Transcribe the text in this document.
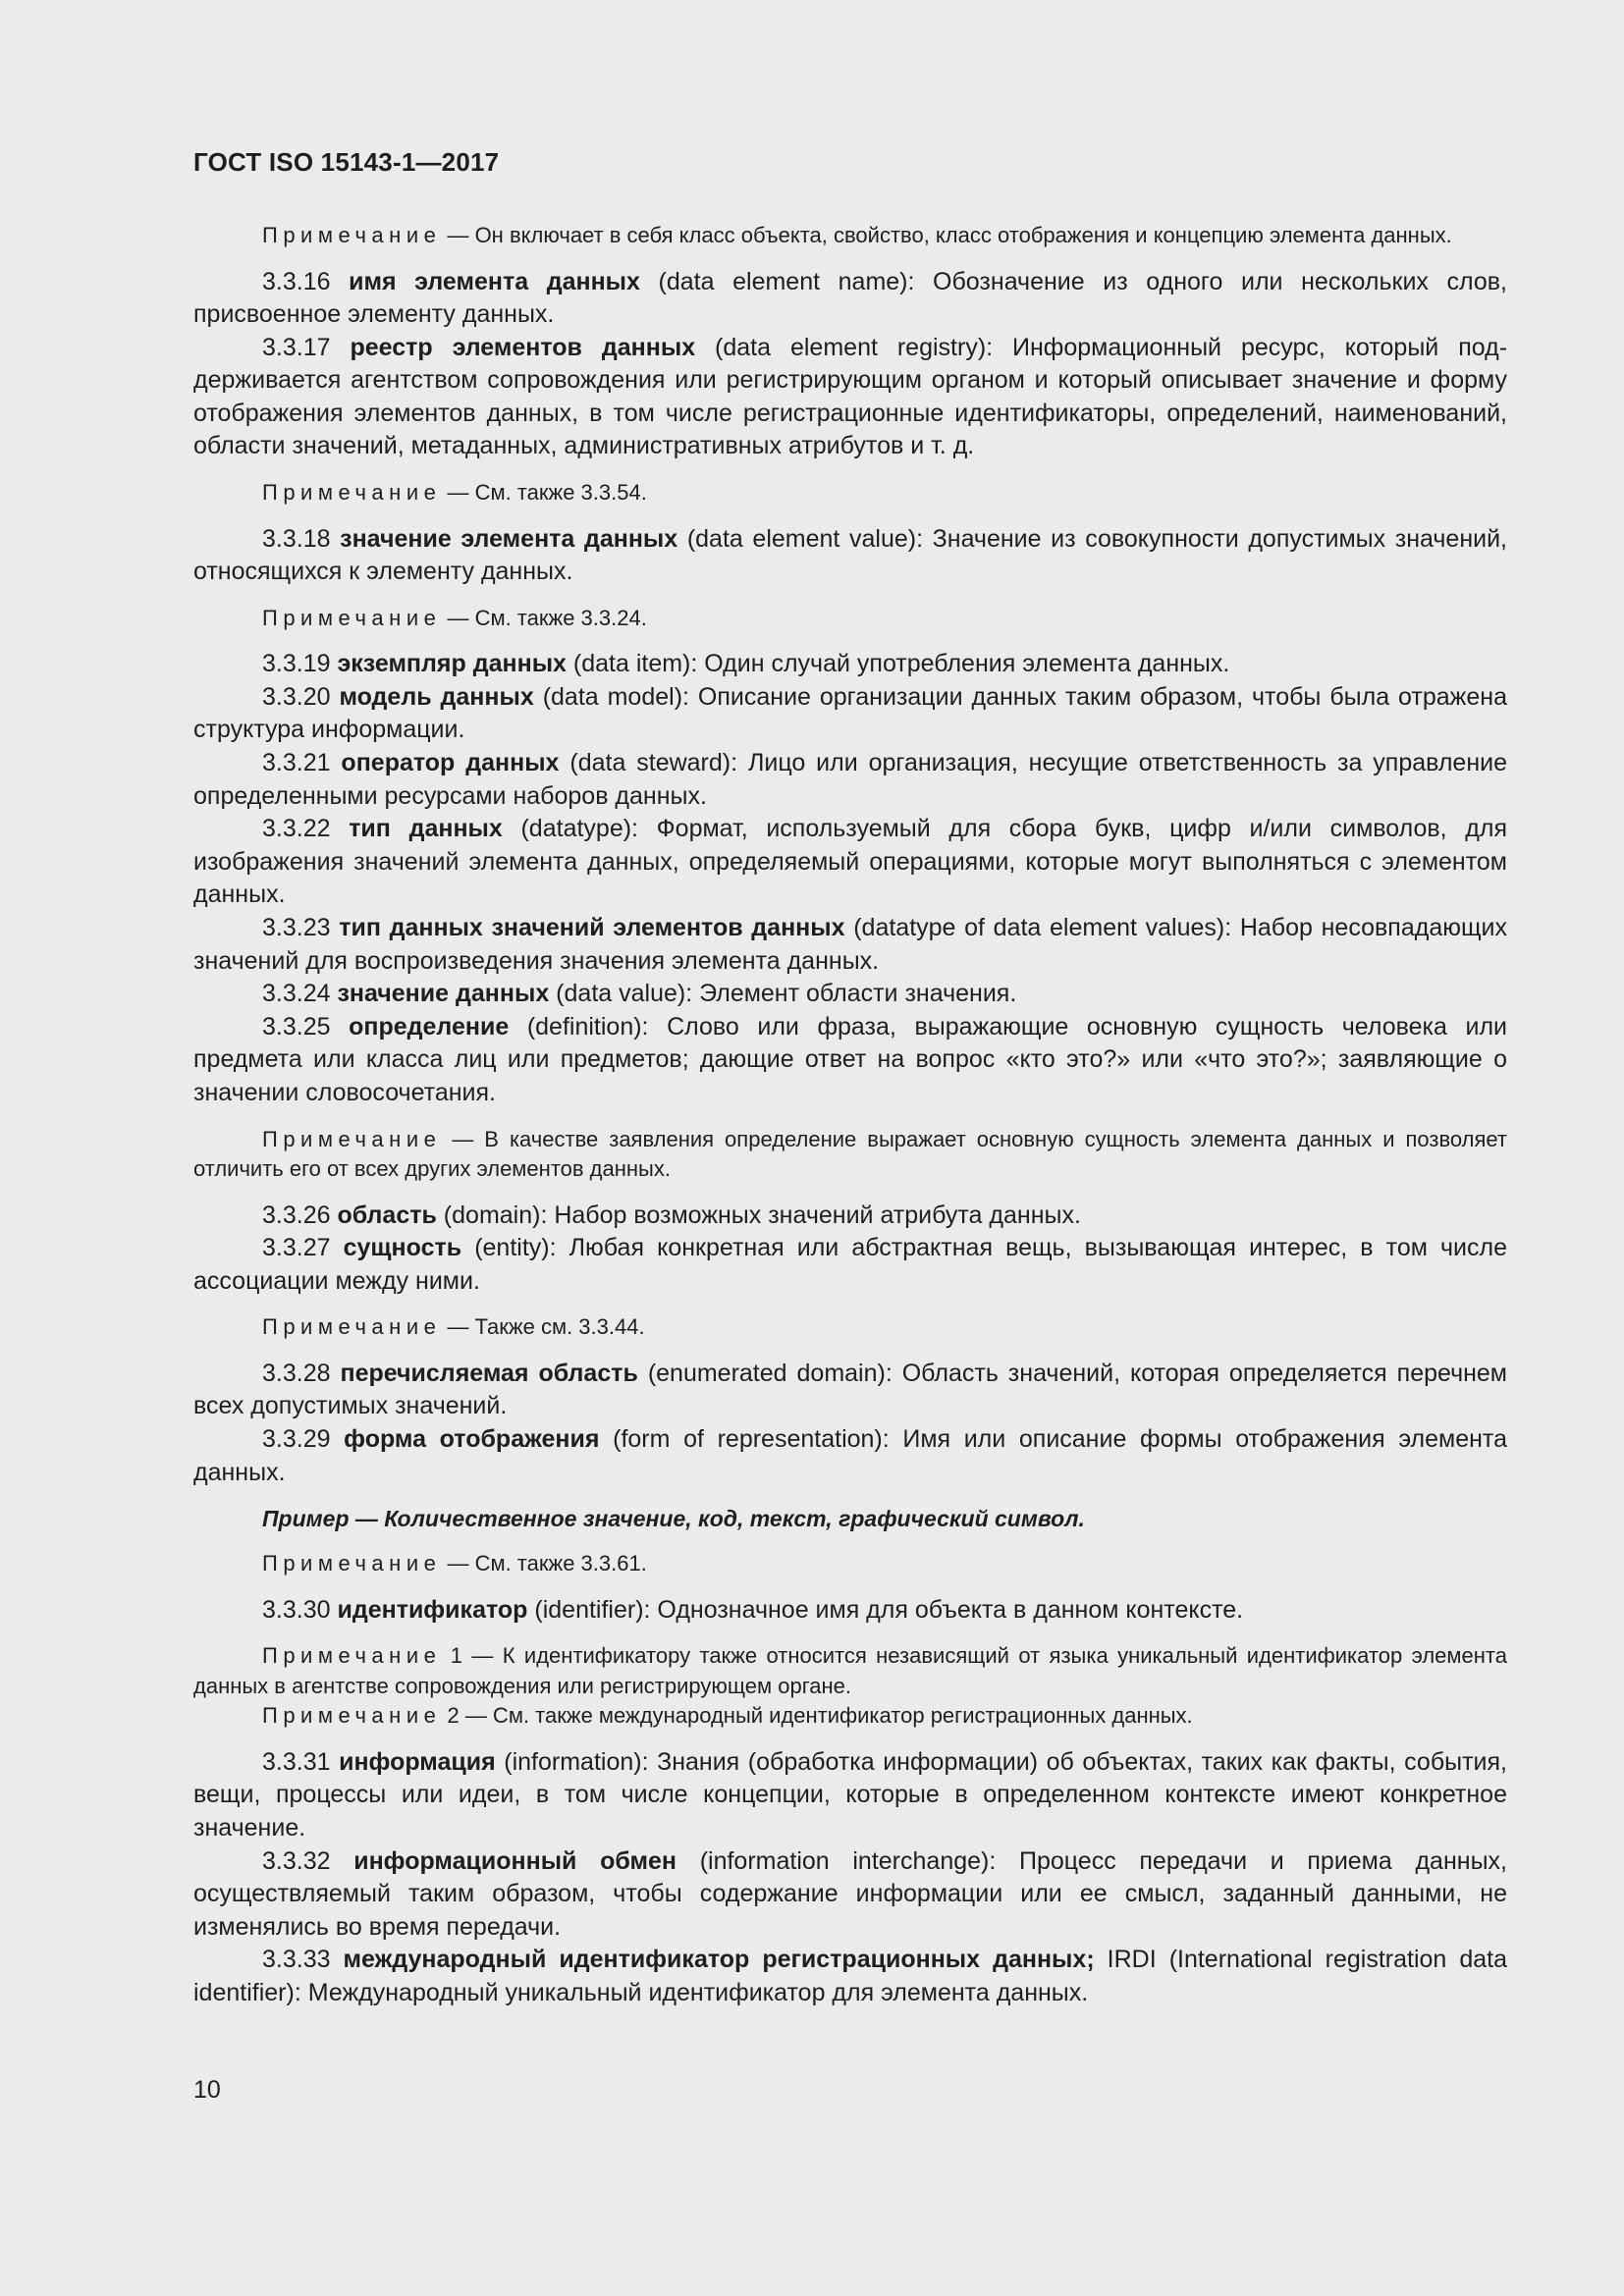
ГОСТ ISO 15143-1—2017

Примечание — Он включает в себя класс объекта, свойство, класс отображения и концепцию элемента данных.

3.3.16 имя элемента данных (data element name): Обозначение из одного или нескольких слов, присвоенное элементу данных.

3.3.17 реестр элементов данных (data element registry): Информационный ресурс, который поддерживается агентством сопровождения или регистрирующим органом и который описывает значение и форму отображения элементов данных, в том числе регистрационные идентификаторы, определений, наименований, области значений, метаданных, административных атрибутов и т. д.

Примечание — См. также 3.3.54.

3.3.18 значение элемента данных (data element value): Значение из совокупности допустимых значений, относящихся к элементу данных.

Примечание — См. также 3.3.24.

3.3.19 экземпляр данных (data item): Один случай употребления элемента данных.

3.3.20 модель данных (data model): Описание организации данных таким образом, чтобы была отражена структура информации.

3.3.21 оператор данных (data steward): Лицо или организация, несущие ответственность за управление определенными ресурсами наборов данных.

3.3.22 тип данных (datatype): Формат, используемый для сбора букв, цифр и/или символов, для изображения значений элемента данных, определяемый операциями, которые могут выполняться с элементом данных.

3.3.23 тип данных значений элементов данных (datatype of data element values): Набор несовпадающих значений для воспроизведения значения элемента данных.

3.3.24 значение данных (data value): Элемент области значения.

3.3.25 определение (definition): Слово или фраза, выражающие основную сущность человека или предмета или класса лиц или предметов; дающие ответ на вопрос «кто это?» или «что это?»; заявляющие о значении словосочетания.

Примечание — В качестве заявления определение выражает основную сущность элемента данных и позволяет отличить его от всех других элементов данных.

3.3.26 область (domain): Набор возможных значений атрибута данных.

3.3.27 сущность (entity): Любая конкретная или абстрактная вещь, вызывающая интерес, в том числе ассоциации между ними.

Примечание — Также см. 3.3.44.

3.3.28 перечисляемая область (enumerated domain): Область значений, которая определяется перечнем всех допустимых значений.

3.3.29 форма отображения (form of representation): Имя или описание формы отображения элемента данных.

Пример — Количественное значение, код, текст, графический символ.

Примечание — См. также 3.3.61.

3.3.30 идентификатор (identifier): Однозначное имя для объекта в данном контексте.

Примечание 1 — К идентификатору также относится независящий от языка уникальный идентификатор элемента данных в агентстве сопровождения или регистрирующем органе.

Примечание 2 — См. также международный идентификатор регистрационных данных.

3.3.31 информация (information): Знания (обработка информации) об объектах, таких как факты, события, вещи, процессы или идеи, в том числе концепции, которые в определенном контексте имеют конкретное значение.

3.3.32 информационный обмен (information interchange): Процесс передачи и приема данных, осуществляемый таким образом, чтобы содержание информации или ее смысл, заданный данными, не изменялись во время передачи.

3.3.33 международный идентификатор регистрационных данных; IRDI (International registration data identifier): Международный уникальный идентификатор для элемента данных.

10
